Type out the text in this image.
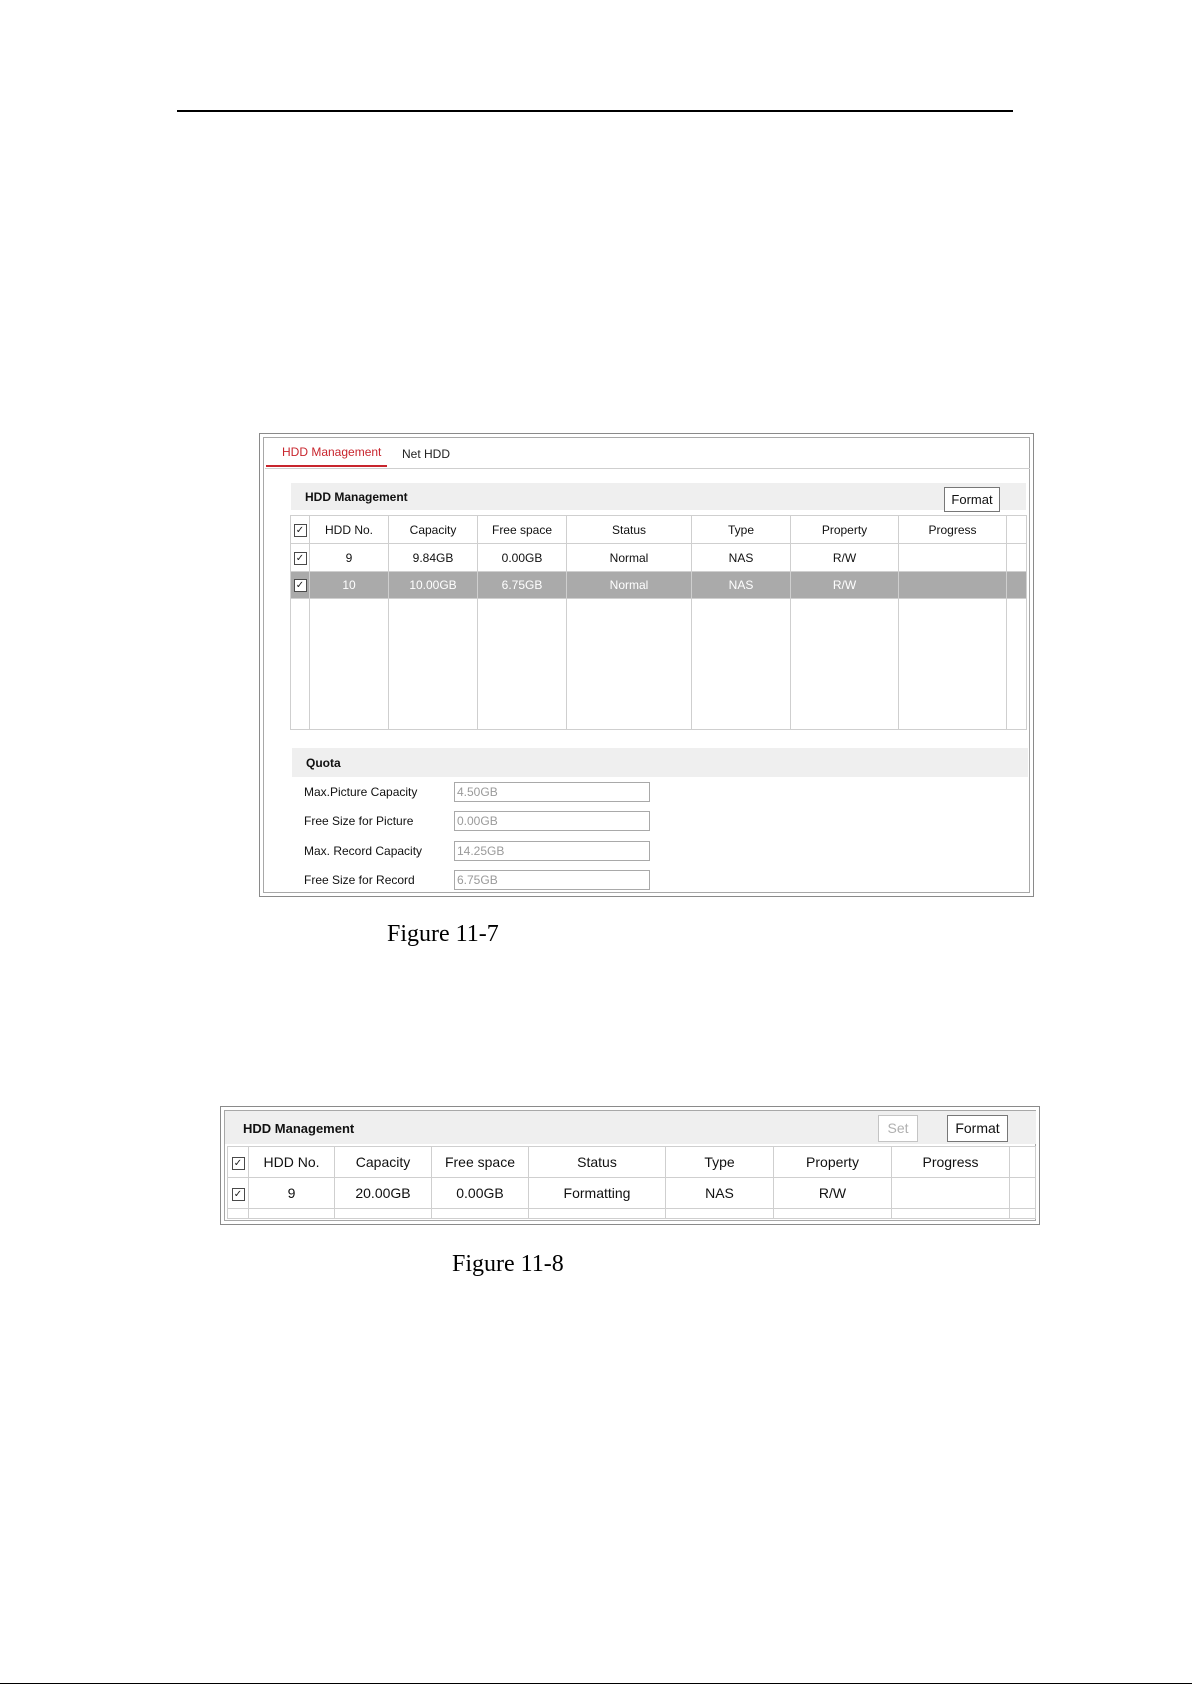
HDD Management Net HDD
HDD Management	Format
✓	HDD No.	Capacity	Free space	Status	Type	Property	Progress	
✓	9	9.84GB	0.00GB	Normal	NAS	R/W		
✓	10	10.00GB	6.75GB	Normal	NAS	R/W		

Quota
Max.Picture Capacity
4.50GB
Free Size for Picture
0.00GB
Max. Record Capacity
14.25GB
Free Size for Record
6.75GB
Figure 11-7
HDD Management	Set	Format
✓	HDD No.	Capacity	Free space	Status	Type	Property	Progress	
✓	9	20.00GB	0.00GB	Formatting	NAS	R/W		

Figure 11-8
